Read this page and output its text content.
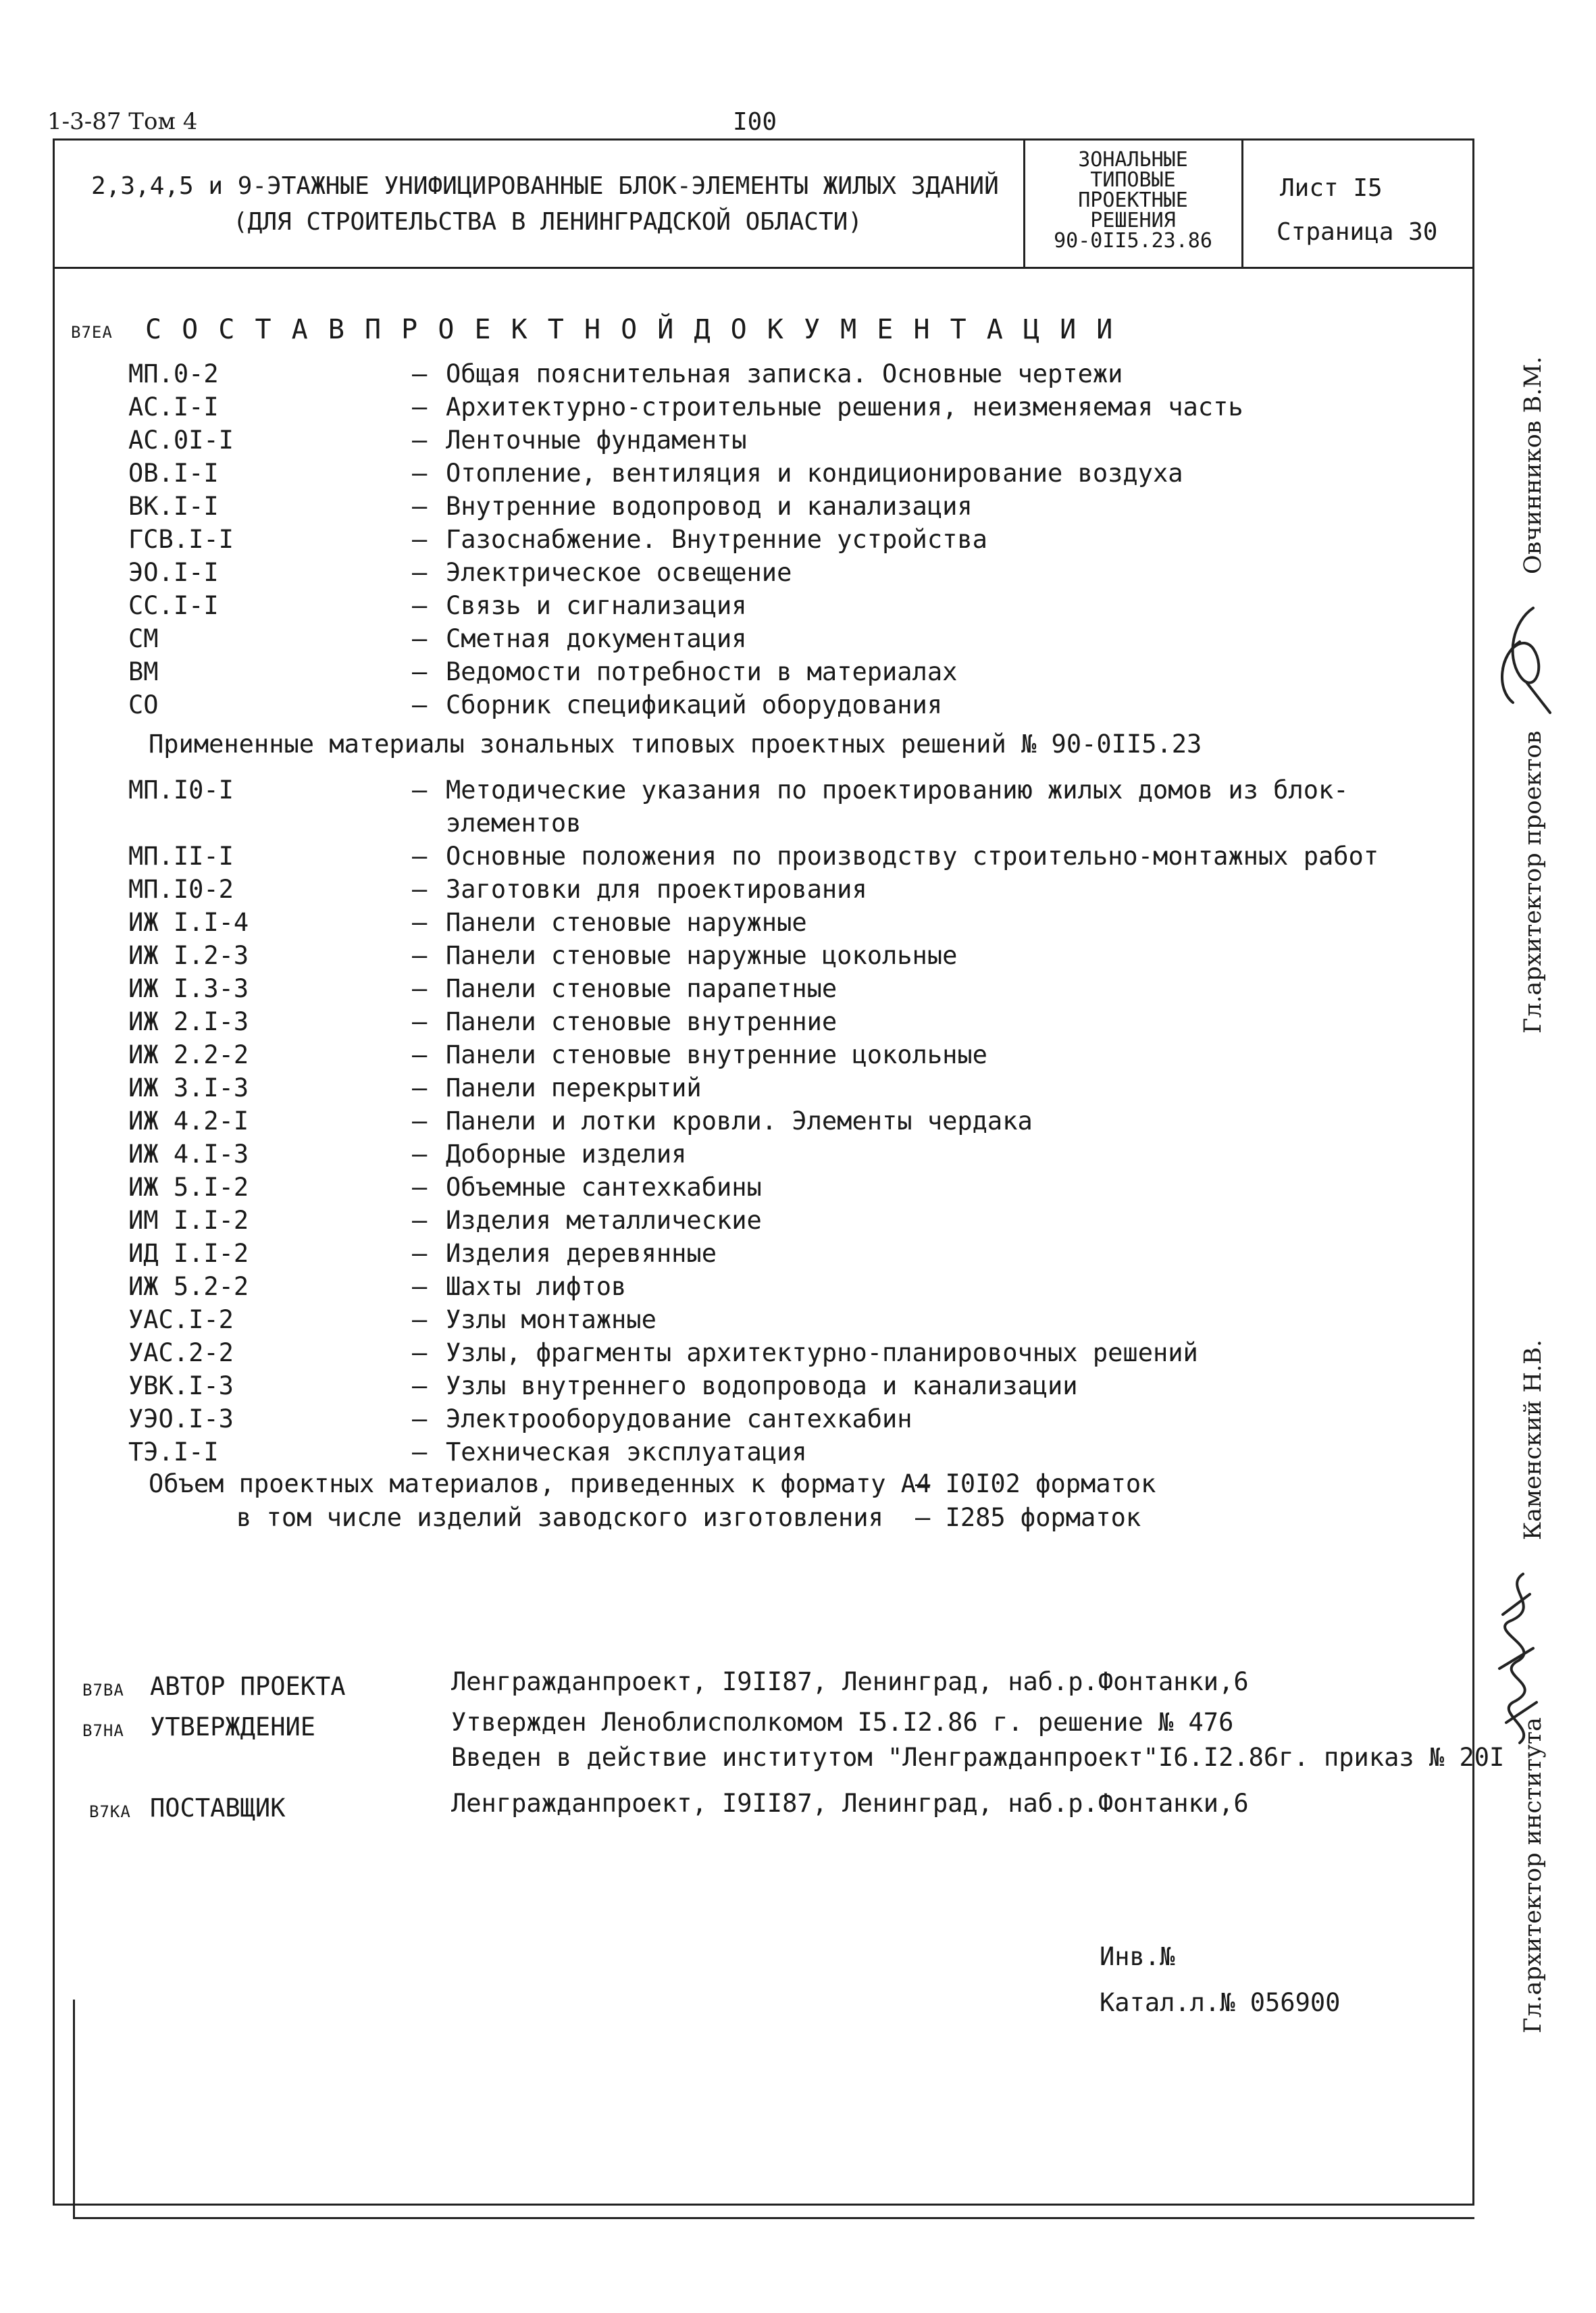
1-3-87 Том 4	I00
2,3,4,5 и 9-ЭТАЖНЫЕ УНИФИЦИРОВАННЫЕ БЛОК-ЭЛЕМЕНТЫ ЖИЛЫХ ЗДАНИЙ
(ДЛЯ СТРОИТЕЛЬСТВА В ЛЕНИНГРАДСКОЙ ОБЛАСТИ)
ЗОНАЛЬНЫЕ
ТИПОВЫЕ
ПРОЕКТНЫЕ
РЕШЕНИЯ
90-0II5.23.86
Лист I5
Страница 30
B7EA С О С Т А В П Р О Е К Т Н О Й Д О К У М Е Н Т А Ц И И
МП.0-2	– Общая пояснительная записка. Основные чертежи
АС.I-I	– Архитектурно-строительные решения, неизменяемая часть
АС.0I-I	– Ленточные фундаменты
ОВ.I-I	– Отопление, вентиляция и кондиционирование воздуха
ВК.I-I	– Внутренние водопровод и канализация
ГСВ.I-I	– Газоснабжение. Внутренние устройства
ЭО.I-I	– Электрическое освещение
СС.I-I	– Связь и сигнализация
СМ	– Сметная документация
ВМ	– Ведомости потребности в материалах
СО	– Сборник спецификаций оборудования
Примененные материалы зональных типовых проектных решений № 90-0II5.23
МП.I0-I	– Методические указания по проектированию жилых домов из блок-
элементов
МП.II-I	– Основные положения по производству строительно-монтажных работ
МП.I0-2	– Заготовки для проектирования
ИЖ I.I-4	– Панели стеновые наружные
ИЖ I.2-3	– Панели стеновые наружные цокольные
ИЖ I.3-3	– Панели стеновые парапетные
ИЖ 2.I-3	– Панели стеновые внутренние
ИЖ 2.2-2	– Панели стеновые внутренние цокольные
ИЖ 3.I-3	– Панели перекрытий
ИЖ 4.2-I	– Панели и лотки кровли. Элементы чердака
ИЖ 4.I-3	– Доборные изделия
ИЖ 5.I-2	– Объемные сантехкабины
ИМ I.I-2	– Изделия металлические
ИД I.I-2	– Изделия деревянные
ИЖ 5.2-2	– Шахты лифтов
УАС.I-2	– Узлы монтажные
УАС.2-2	– Узлы, фрагменты архитектурно-планировочных решений
УВК.I-3	– Узлы внутреннего водопровода и канализации
УЭО.I-3	– Электрооборудование сантехкабин
ТЭ.I-I	– Техническая эксплуатация
Объем проектных материалов, приведенных к формату А4
– I0I02 форматок
в том числе изделий заводского изготовления – I285 форматок
B7BA АВТОР ПРОЕКТА	Ленгражданпроект, I9II87, Ленинград, наб.р.Фонтанки,6
B7HA УТВЕРЖДЕНИЕ	Утвержден Леноблисполкомом I5.I2.86 г. решение № 476
Введен в действие институтом "Ленгражданпроект"I6.I2.86г. приказ № 20I
B7KA ПОСТАВЩИК	Ленгражданпроект, I9II87, Ленинград, наб.р.Фонтанки,6
Инв.№
Катал.л.№ 056900
Овчинников В.М.
Гл.архитектор проектов
Каменский Н.В.
Гл.архитектор института
